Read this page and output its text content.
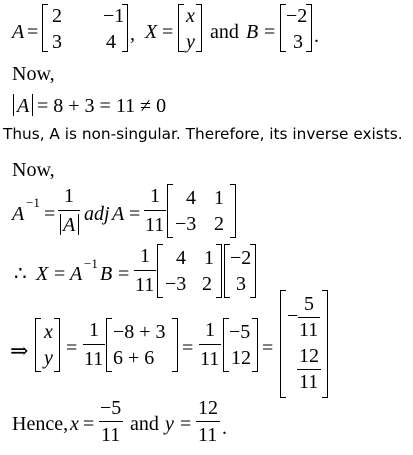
A =
2 −1
3 4 , X =
x
y and B =
−2
3 .
Now,
A = 8 + 3 = 11 ≠ 0
Thus, A is non-singular. Therefore, its inverse exists.
Now,
A
−1
=
1
A adj A =
1
11
4 1
−3 2
∴ X = A −1 B =
1
11
4 1
−3 2
−2
3
⇒
x
y =
1
11
−8 + 3
6 + 6 =
1
11
−5
12 =
−
5
11
12
11
Hence, x =
−5
11 and y =
12
11 .
